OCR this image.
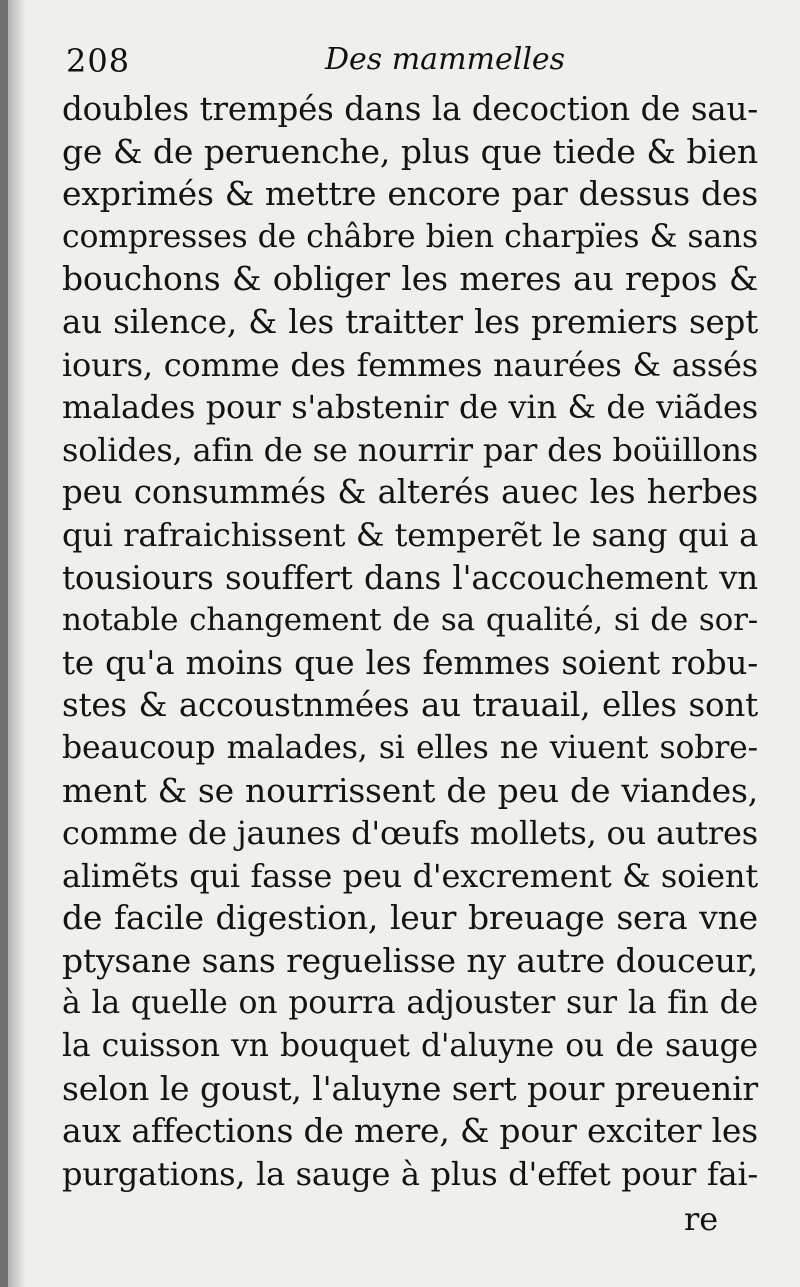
208	Des mammelles
doubles trempés dans la decoction de sau-
ge & de peruenche, plus que tiede & bien
exprimés & mettre encore par dessus des
compresses de châbre bien charpïes & sans
bouchons & obliger les meres au repos &
au silence, & les traitter les premiers sept
iours, comme des femmes naurées & assés
malades pour s'abstenir de vin & de viãdes
solides, afin de se nourrir par des boüillons
peu consummés & alterés auec les herbes
qui rafraichissent & temperẽt le sang qui a
tousiours souffert dans l'accouchement vn
notable changement de sa qualité, si de sor-
te qu'a moins que les femmes soient robu-
stes & accoustnmées au trauail, elles sont
beaucoup malades, si elles ne viuent sobre-
ment & se nourrissent de peu de viandes,
comme de jaunes d'œufs mollets, ou autres
alimẽts qui fasse peu d'excrement & soient
de facile digestion, leur breuage sera vne
ptysane sans reguelisse ny autre douceur,
à la quelle on pourra adjouster sur la fin de
la cuisson vn bouquet d'aluyne ou de sauge
selon le goust, l'aluyne sert pour preuenir
aux affections de mere, & pour exciter les
purgations, la sauge à plus d'effet pour fai-
re
